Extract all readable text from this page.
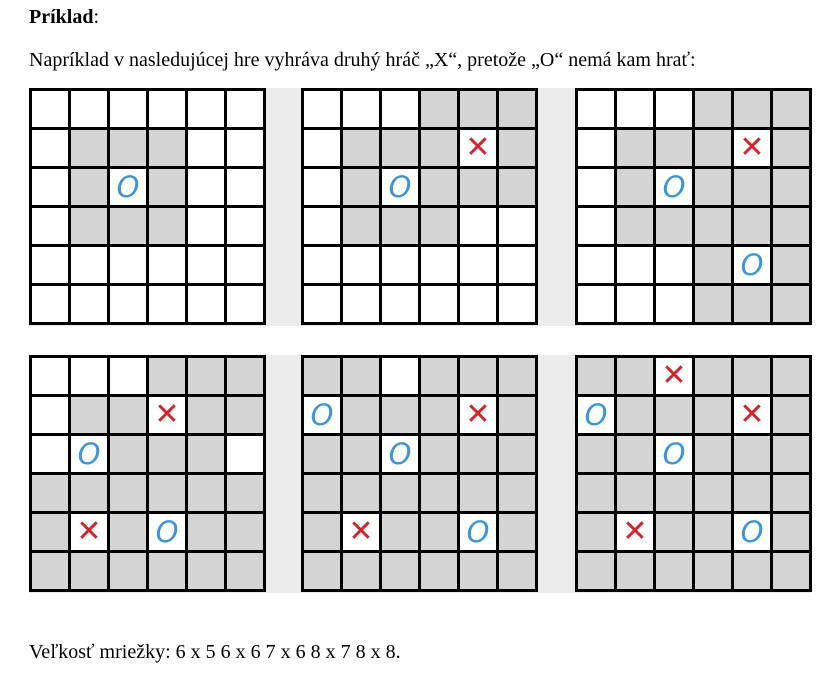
Príklad:
Napríklad v nasledujúcej hre vyhráva druhý hráč „X“, pretože „O“ nemá kam hrať:
O
✕
O
✕
O
O
✕
O
✕ O
O	✕
O
✕	O
✕
O	✕
O
✕	O
Veľkosť mriežky: 6 x 5 6 x 6 7 x 6 8 x 7 8 x 8.
